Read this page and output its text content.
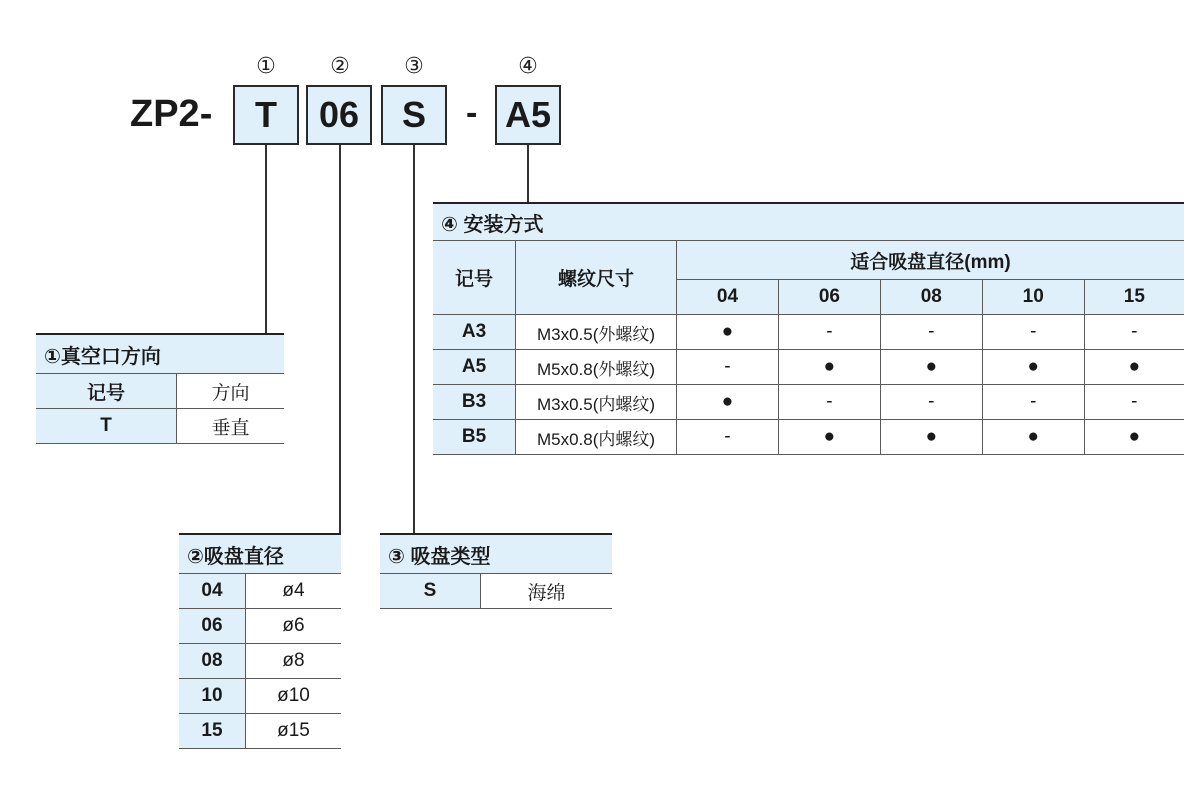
①	②	③	④
ZP2-	T	06	S	- A5
①真空口方向	
记号	方向
T	垂直
②吸盘直径	
04	ø4
06	ø6
08	ø8
10	ø10
15	ø15
③ 吸盘类型
S	海绵
④ 安装方式						
记号	螺纹尺寸	适合吸盘直径(mm)				
		04	06	08	10	15
A3	M3x0.5(外螺纹)	●	-	-	-	-
A5	M5x0.8(外螺纹)	-	●	●	●	●
B3	M3x0.5(内螺纹)	●	-	-	-	-
B5	M5x0.8(内螺纹)	-	●	●	●	●
